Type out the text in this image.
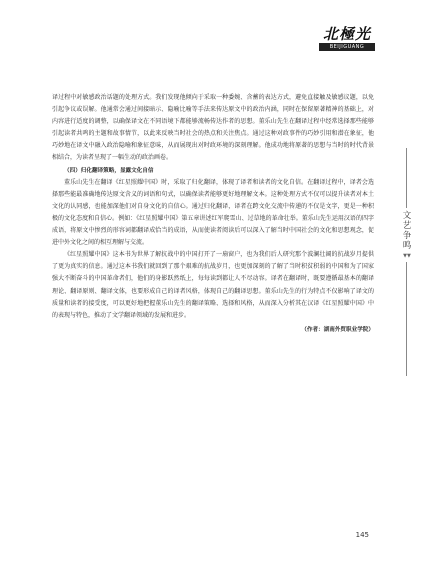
北極光
BEIJIGUANG
文艺争鸣
▼▼

译过程中对敏感政治话题的处理方式。我们发现他倾向于采取一种委婉、含蓄的表达方式，避免直接触及敏感议题，以免引起争议或误解。他通常会通过间接暗示、隐喻比喻等手法来传达原文中的政治内涵，同时在保留原著精神的基础上，对内容进行适度的调整，以确保译文在不同语境下都能够流畅传达作者的思想。董乐山先生在翻译过程中经常选择那些能够引起读者共鸣的主题和故事情节，以此来反映当时社会的热点和关注焦点。通过这种对政事件的巧妙引用和潜在象征，他巧妙地在译文中融入政治隐喻和象征意味，从而展现出对时政环境的深刻理解。他成功地将原著的思想与当时的时代背景相结合，为读者呈现了一幅生动的政治画卷。

（四）归化翻译策略，显露文化自信

董乐山先生在翻译《红星照耀中国》时，采取了归化翻译，体现了译者和读者的文化自信。在翻译过程中，译者会选择那些能最准确地传达原文含义的词语和句式，以确保读者能够更好地理解文本。这种处理方式不仅可以提升读者对本土文化的认同感，也能加深他们对自身文化的自信心。通过归化翻译，译者在跨文化交流中传递的不仅是文字，更是一种积极的文化态度和自信心。例如：《红星照耀中国》第五章讲述红军爬雪山、过草地的革命壮举。董乐山先生运用汉语的四字成语，将原文中惨烈的形容词都翻译成恰当的成语，从而使读者阅读后可以深入了解当时中国社会的文化和思想观念，促进中外文化之间的相互理解与交流。

《红星照耀中国》这本书为世界了解抗战中的中国打开了一扇窗户，也为我们后人研究那个波澜壮阔的抗战岁月提供了更为真实的信息。通过这本书我们就回到了那个艰难的抗战岁月，也更加深刻的了解了当时积贫积弱的中国和为了国家强大不断奋斗的中国革命者们，他们的身影跃然纸上，每每读到都让人不尽动容。译者在翻译时，既要遵循最基本的翻译理论、翻译原则、翻译文体，也要形成自己的译者风格，体现自己的翻译思想。董乐山先生的行为特点不仅影响了译文的质量和读者的接受度，可以更好地把握董乐山先生的翻译策略、选择和风格，从而深入分析其在汉译《红星照耀中国》中的表现与特色，推动了文学翻译领域的发展和进步。

（作者：湖南外贸职业学院）

145
